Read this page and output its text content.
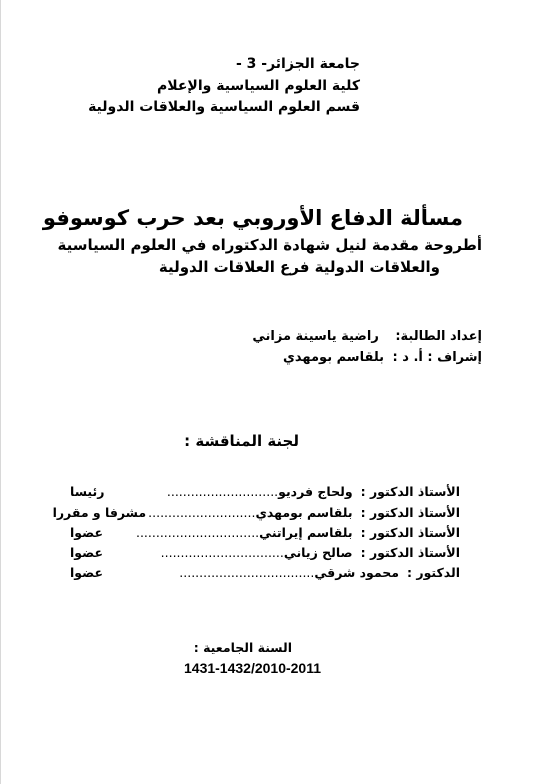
جامعة الجزائر- 3 -
كلية العلوم السياسية والإعلام
قسم العلوم السياسية والعلاقات الدولية
مسألة الدفاع الأوروبي بعد حرب كوسوفو
أطروحة مقدمة لنيل شهادة الدكتوراه في العلوم السياسية
والعلاقات الدولية فرع العلاقات الدولية
إعداد الطالبة: راضية ياسينة مزاني
إشراف : أ. د : بلقاسم بومهدي
لجنة المناقشة :
الأستاذ الدكتور :
ولحاج فرديو
............................
رئيسا
الأستاذ الدكتور :
بلقاسم بومهدي
...........................
مشرفا و مقررا
الأستاذ الدكتور :
بلقاسم إيراتني
...............................
عضوا
الأستاذ الدكتور :
صالح زياني
...............................
عضوا
الدكتور :
محمود شرقي
..................................
عضوا
السنة الجامعية :
1431-1432/2010-2011
